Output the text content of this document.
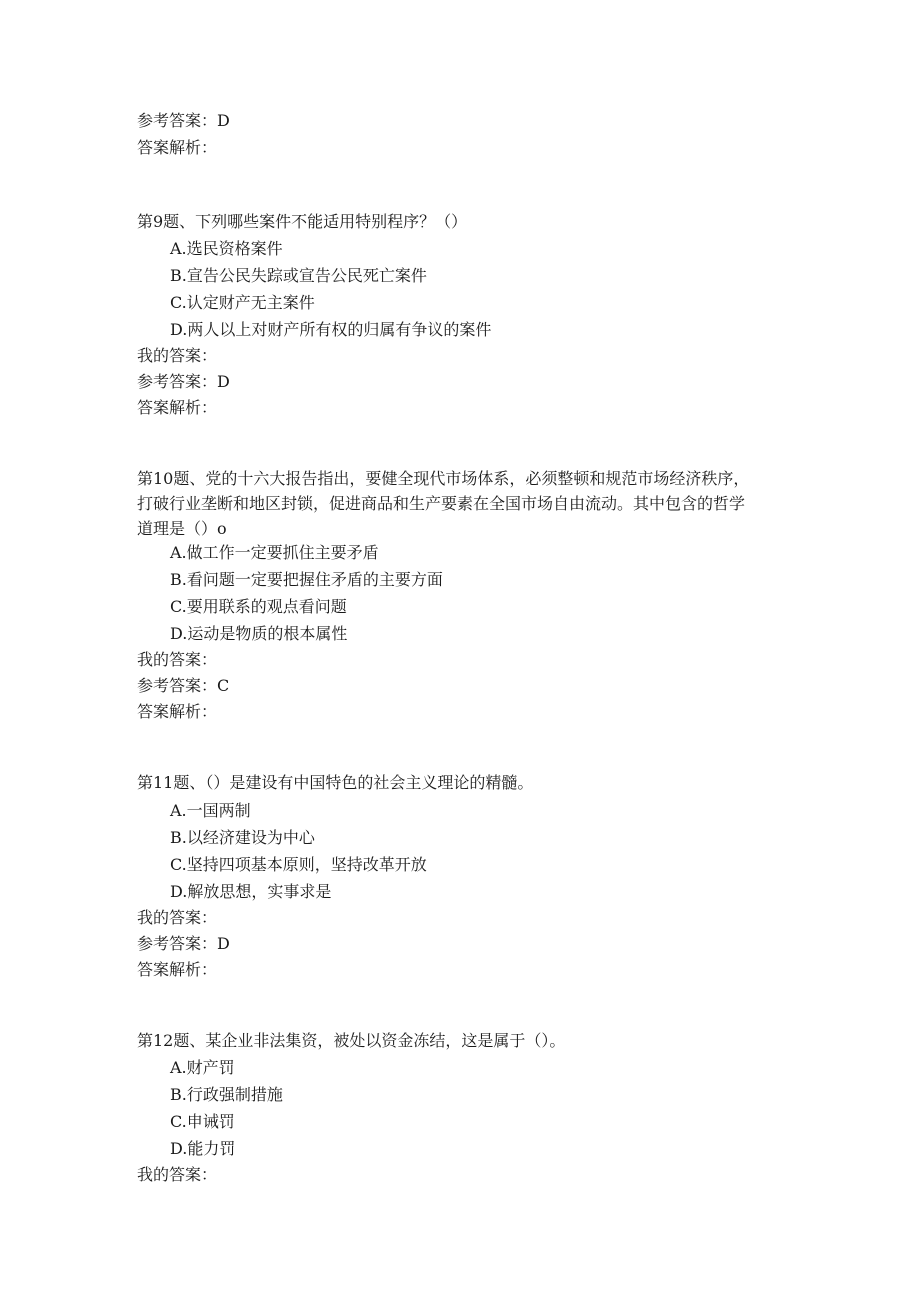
参考答案：D
答案解析：
第9题、下列哪些案件不能适用特别程序？（）
A.选民资格案件
B.宣告公民失踪或宣告公民死亡案件
C.认定财产无主案件
D.两人以上对财产所有权的归属有争议的案件
我的答案：
参考答案：D
答案解析：
第10题、党的十六大报告指出，要健全现代市场体系，必须整顿和规范市场经济秩序，
打破行业垄断和地区封锁，促进商品和生产要素在全国市场自由流动。其中包含的哲学
道理是（）o
A.做工作一定要抓住主要矛盾
B.看问题一定要把握住矛盾的主要方面
C.要用联系的观点看问题
D.运动是物质的根本属性
我的答案：
参考答案：C
答案解析：
第11题、（）是建设有中国特色的社会主义理论的精髓。
A.一国两制
B.以经济建设为中心
C.坚持四项基本原则，坚持改革开放
D.解放思想，实事求是
我的答案：
参考答案：D
答案解析：
第12题、某企业非法集资，被处以资金冻结，这是属于（）。
A.财产罚
B.行政强制措施
C.申诫罚
D.能力罚
我的答案：
